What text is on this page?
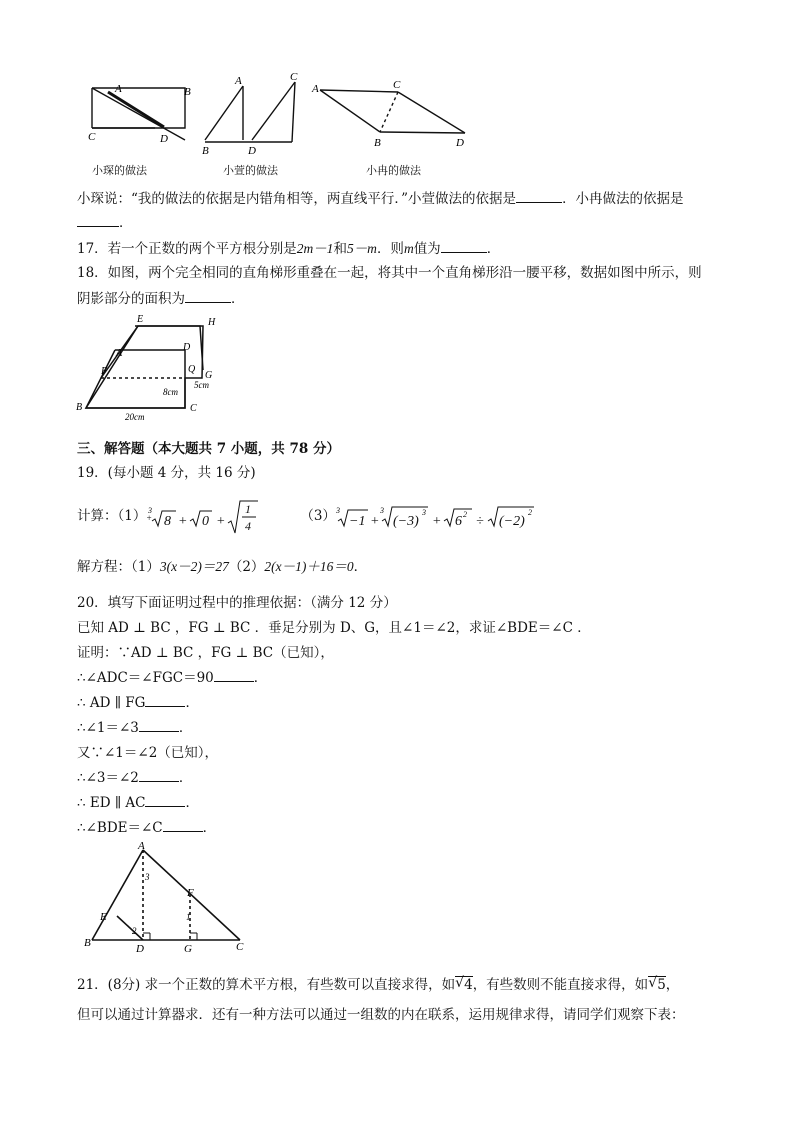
A	B
C	D
A	C
B	D
A	C
B	D
小琛的做法	小萱的做法	小冉的做法
小琛说：“我的做法的依据是内错角相等，两直线平行．”小萱做法的依据是	．小冉做法的依据是
．
17．若一个正数的两个平方根分别是2m－1和5－m．则m值为	．
18．如图，两个完全相同的直角梯形重叠在一起，将其中一个直角梯形沿一腰平移，数据如图中所示，则
阴影部分的面积为	．
E	H
A
D
F	Q
G
B	C
8cm
5cm
20cm
三、解答题（本大题共 7 小题，共 78 分）
19．(每小题 4 分，共 16 分)
计算：（1） 3
+ 8 + 0 +
1
4
（3） 3
−1 +
3
(−3)
3
+ 6 2 ÷ (−2)
2
解方程：（1）3(x－2)＝27（2）2(x－1)＋16＝0．
20．填写下面证明过程中的推理依据：（满分 12 分）
已知 AD ⊥ BC ，FG ⊥ BC ．垂足分别为 D、G，且∠1＝∠2，求证∠BDE＝∠C ．
证明：∵AD ⊥ BC ，FG ⊥ BC（已知），
∴∠ADC＝∠FGC＝90	．
∴ AD ∥ FG	．
∴∠1＝∠3	．
又∵∠1＝∠2（已知），
∴∠3＝∠2	．
∴ ED ∥ AC	．
∴∠BDE＝∠C	．
A
3
F
E	1
2
B	D	G	C
21．(8分) 求一个正数的算术平方根，有些数可以直接求得，如 √ 4，有些数则不能直接求得，如 √ 5，
但可以通过计算器求．还有一种方法可以通过一组数的内在联系，运用规律求得，请同学们观察下表：
